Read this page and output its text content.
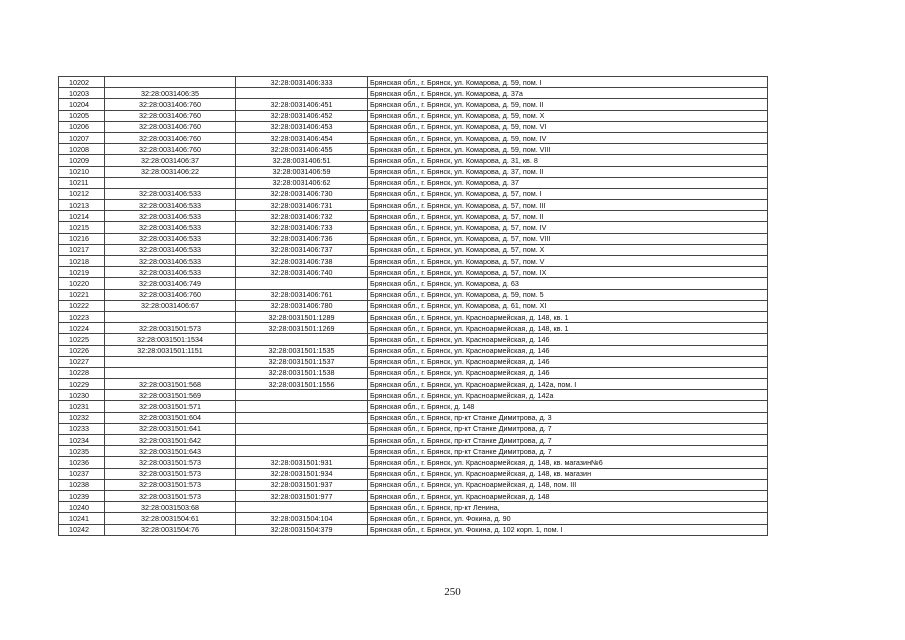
10202		32:28:0031406:333	Брянская обл., г. Брянск, ул. Комарова, д. 59, пом. I
10203	32:28:0031406:35		Брянская обл., г. Брянск, ул. Комарова, д. 37а
10204	32:28:0031406:760	32:28:0031406:451	Брянская обл., г. Брянск, ул. Комарова, д. 59, пом. II
10205	32:28:0031406:760	32:28:0031406:452	Брянская обл., г. Брянск, ул. Комарова, д. 59, пом. X
10206	32:28:0031406:760	32:28:0031406:453	Брянская обл., г. Брянск, ул. Комарова, д. 59, пом. VI
10207	32:28:0031406:760	32:28:0031406:454	Брянская обл., г. Брянск, ул. Комарова, д. 59, пом. IV
10208	32:28:0031406:760	32:28:0031406:455	Брянская обл., г. Брянск, ул. Комарова, д. 59, пом. VIII
10209	32:28:0031406:37	32:28:0031406:51	Брянская обл., г. Брянск, ул. Комарова, д. 31, кв. 8
10210	32:28:0031406:22	32:28:0031406:59	Брянская обл., г. Брянск, ул. Комарова, д. 37, пом. II
10211		32:28:0031406:62	Брянская обл., г. Брянск, ул. Комарова, д. 37
10212	32:28:0031406:533	32:28:0031406:730	Брянская обл., г. Брянск, ул. Комарова, д. 57, пом. I
10213	32:28:0031406:533	32:28:0031406:731	Брянская обл., г. Брянск, ул. Комарова, д. 57, пом. III
10214	32:28:0031406:533	32:28:0031406:732	Брянская обл., г. Брянск, ул. Комарова, д. 57, пом. II
10215	32:28:0031406:533	32:28:0031406:733	Брянская обл., г. Брянск, ул. Комарова, д. 57, пом. IV
10216	32:28:0031406:533	32:28:0031406:736	Брянская обл., г. Брянск, ул. Комарова, д. 57, пом. VIII
10217	32:28:0031406:533	32:28:0031406:737	Брянская обл., г. Брянск, ул. Комарова, д. 57, пом. X
10218	32:28:0031406:533	32:28:0031406:738	Брянская обл., г. Брянск, ул. Комарова, д. 57, пом. V
10219	32:28:0031406:533	32:28:0031406:740	Брянская обл., г. Брянск, ул. Комарова, д. 57, пом. IX
10220	32:28:0031406:749		Брянская обл., г. Брянск, ул. Комарова, д. 63
10221	32:28:0031406:760	32:28:0031406:761	Брянская обл., г. Брянск, ул. Комарова, д. 59, пом. 5
10222	32:28:0031406:67	32:28:0031406:780	Брянская обл., г. Брянск, ул. Комарова, д. 61, пом. XI
10223		32:28:0031501:1289	Брянская обл., г. Брянск, ул. Красноармейская, д. 148, кв. 1
10224	32:28:0031501:573	32:28:0031501:1269	Брянская обл., г. Брянск, ул. Красноармейская, д. 148, кв. 1
10225	32:28:0031501:1534		Брянская обл., г. Брянск, ул. Красноармейская, д. 146
10226	32:28:0031501:1151	32:28:0031501:1535	Брянская обл., г. Брянск, ул. Красноармейская, д. 146
10227		32:28:0031501:1537	Брянская обл., г. Брянск, ул. Красноармейская, д. 146
10228		32:28:0031501:1538	Брянская обл., г. Брянск, ул. Красноармейская, д. 146
10229	32:28:0031501:568	32:28:0031501:1556	Брянская обл., г. Брянск, ул. Красноармейская, д. 142а, пом. I
10230	32:28:0031501:569		Брянская обл., г. Брянск, ул. Красноармейская, д. 142а
10231	32:28:0031501:571		Брянская обл., г. Брянск, д. 148
10232	32:28:0031501:604		Брянская обл., г. Брянск, пр-кт Станке Димитрова, д. 3
10233	32:28:0031501:641		Брянская обл., г. Брянск, пр-кт Станке Димитрова, д. 7
10234	32:28:0031501:642		Брянская обл., г. Брянск, пр-кт Станке Димитрова, д. 7
10235	32:28:0031501:643		Брянская обл., г. Брянск, пр-кт Станке Димитрова, д. 7
10236	32:28:0031501:573	32:28:0031501:931	Брянская обл., г. Брянск, ул. Красноармейская, д. 148, кв. магазин№6
10237	32:28:0031501:573	32:28:0031501:934	Брянская обл., г. Брянск, ул. Красноармейская, д. 148, кв. магазин
10238	32:28:0031501:573	32:28:0031501:937	Брянская обл., г. Брянск, ул. Красноармейская, д. 148, пом. III
10239	32:28:0031501:573	32:28:0031501:977	Брянская обл., г. Брянск, ул. Красноармейская, д. 148
10240	32:28:0031503:68		Брянская обл., г. Брянск, пр-кт Ленина,
10241	32:28:0031504:61	32:28:0031504:104	Брянская обл., г. Брянск, ул. Фокина, д. 90
10242	32:28:0031504:76	32:28:0031504:379	Брянская обл., г. Брянск, ул. Фокина, д. 102 корп. 1, пом. I
250
